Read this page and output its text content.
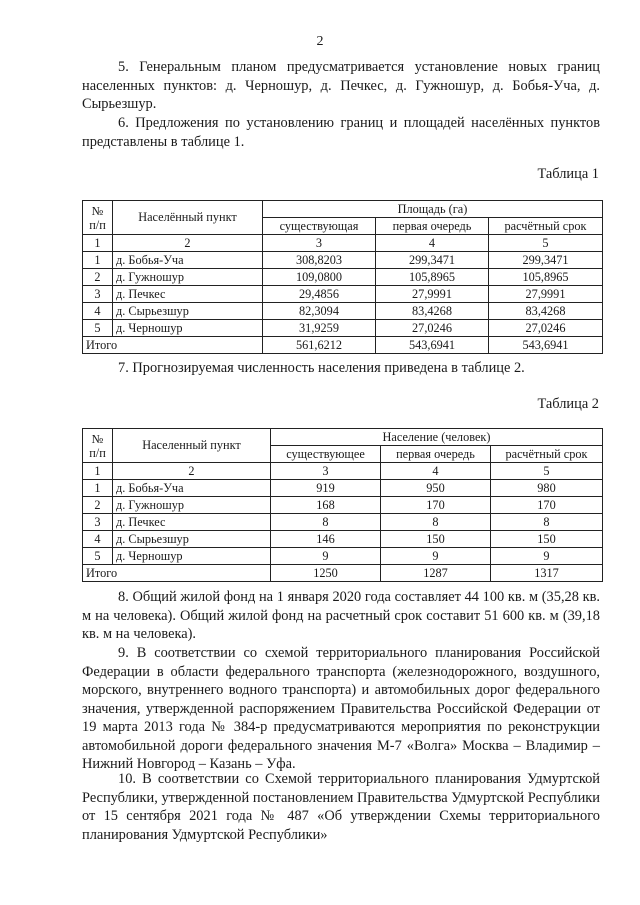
2

5. Генеральным планом предусматривается установление новых границ населенных пунктов: д. Черношур, д. Печкес, д. Гужношур, д. Бобья-Уча, д. Сырьезшур.

6. Предложения по установлению границ и площадей населённых пунктов представлены в таблице 1.

Таблица 1
№
п/п	Населённый пункт	Площадь (га)		
		существующая	первая очередь	расчётный срок
1	2	3	4	5
1	д. Бобья-Уча	308,8203	299,3471	299,3471
2	д. Гужношур	109,0800	105,8965	105,8965
3	д. Печкес	29,4856	27,9991	27,9991
4	д. Сырьезшур	82,3094	83,4268	83,4268
5	д. Черношур	31,9259	27,0246	27,0246
Итого		561,6212	543,6941	543,6941

7. Прогнозируемая численность населения приведена в таблице 2.

Таблица 2
№
п/п	Населенный пункт	Население (человек)		
		существующее	первая очередь	расчётный срок
1	2	3	4	5
1	д. Бобья-Уча	919	950	980
2	д. Гужношур	168	170	170
3	д. Печкес	8	8	8
4	д. Сырьезшур	146	150	150
5	д. Черношур	9	9	9
Итого		1250	1287	1317

8. Общий жилой фонд на 1 января 2020 года составляет 44 100 кв. м (35,28 кв. м на человека). Общий жилой фонд на расчетный срок составит 51 600 кв. м (39,18 кв. м на человека).

9. В соответствии со схемой территориального планирования Российской Федерации в области федерального транспорта (железнодорожного, воздушного, морского, внутреннего водного транспорта) и автомобильных дорог федерального значения, утвержденной распоряжением Правительства Российской Федерации от 19 марта 2013 года № 384-р предусматриваются мероприятия по реконструкции автомобильной дороги федерального значения М-7 «Волга» Москва – Владимир – Нижний Новгород – Казань – Уфа.

10. В соответствии со Схемой территориального планирования Удмуртской Республики, утвержденной постановлением Правительства Удмуртской Республики от 15 сентября 2021 года № 487 «Об утверждении Схемы территориального планирования Удмуртской Республики»
